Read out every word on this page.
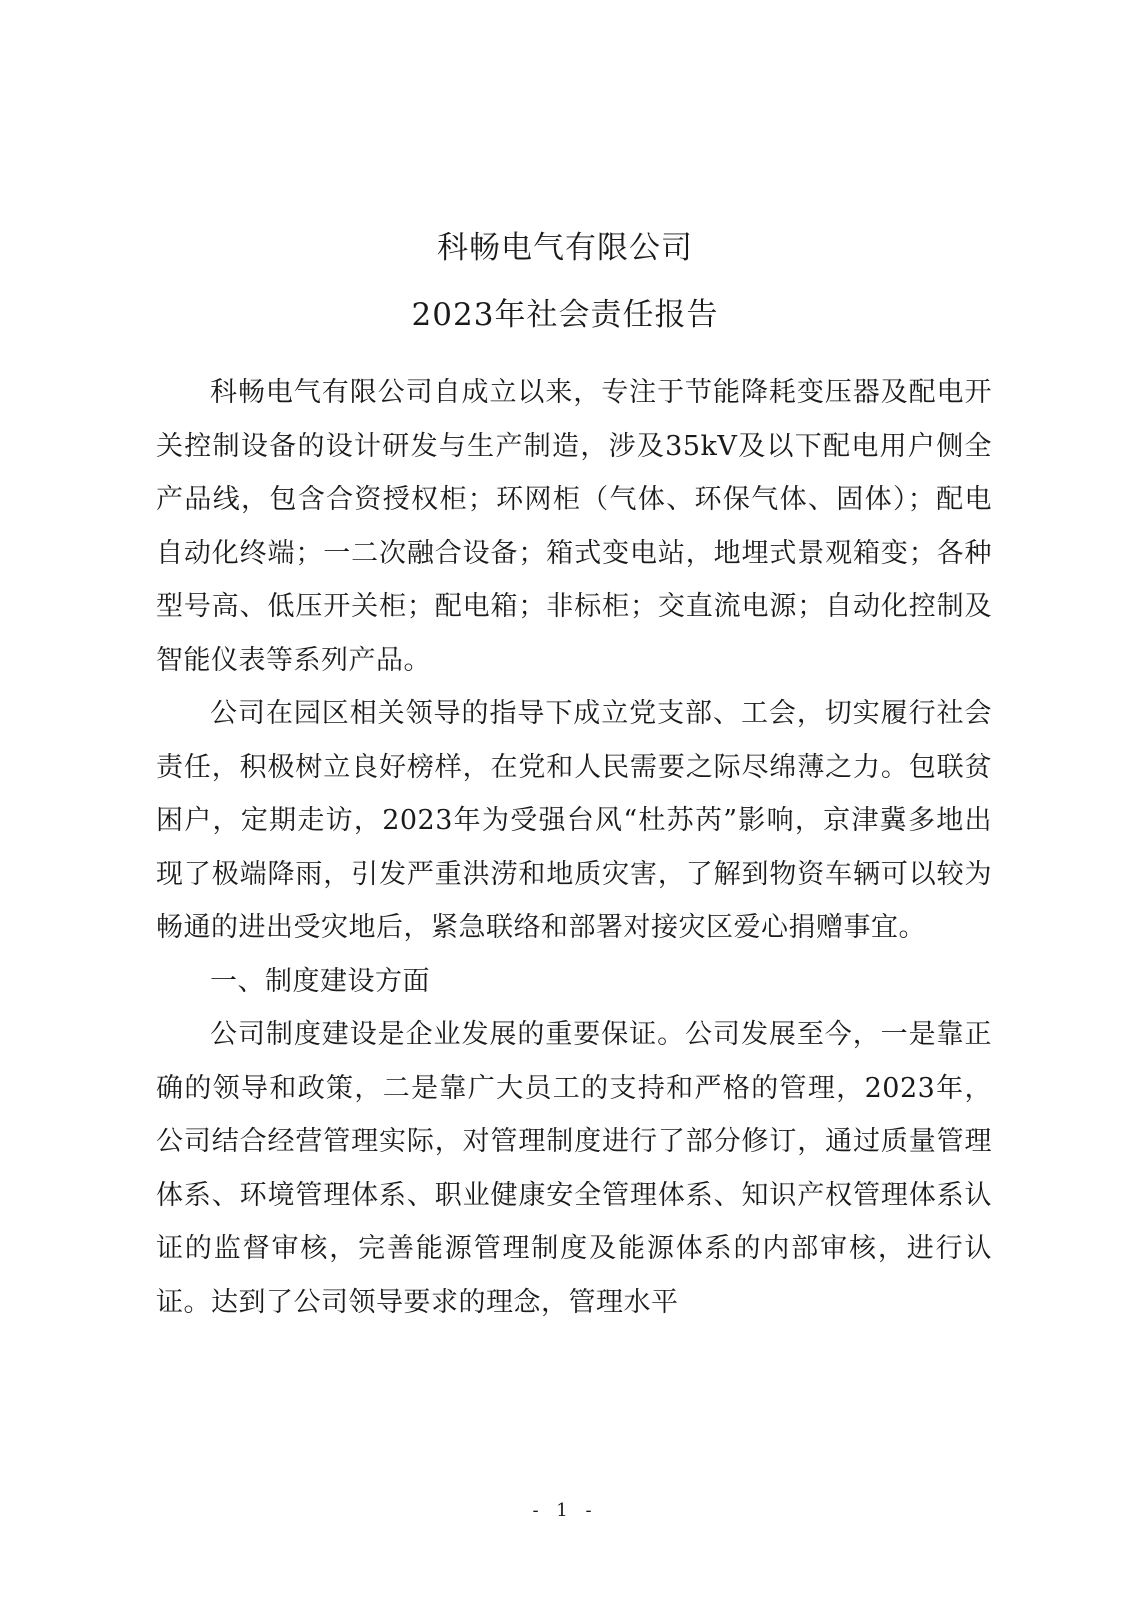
科畅电气有限公司
2023年社会责任报告

科畅电气有限公司自成立以来，专注于节能降耗变压器及配电开关控制设备的设计研发与生产制造，涉及35kV及以下配电用户侧全产品线，包含合资授权柜；环网柜（气体、环保气体、固体）；配电自动化终端；一二次融合设备；箱式变电站，地埋式景观箱变；各种型号高、低压开关柜；配电箱；非标柜；交直流电源；自动化控制及智能仪表等系列产品。

公司在园区相关领导的指导下成立党支部、工会，切实履行社会责任，积极树立良好榜样，在党和人民需要之际尽绵薄之力。包联贫困户，定期走访，2023年为受强台风“杜苏芮”影响，京津冀多地出现了极端降雨，引发严重洪涝和地质灾害，了解到物资车辆可以较为畅通的进出受灾地后，紧急联络和部署对接灾区爱心捐赠事宜。

一、制度建设方面

公司制度建设是企业发展的重要保证。公司发展至今，一是靠正确的领导和政策，二是靠广大员工的支持和严格的管理，2023年，公司结合经营管理实际，对管理制度进行了部分修订，通过质量管理体系、环境管理体系、职业健康安全管理体系、知识产权管理体系认证的监督审核，完善能源管理制度及能源体系的内部审核，进行认证。达到了公司领导要求的理念，管理水平

- 1 -
